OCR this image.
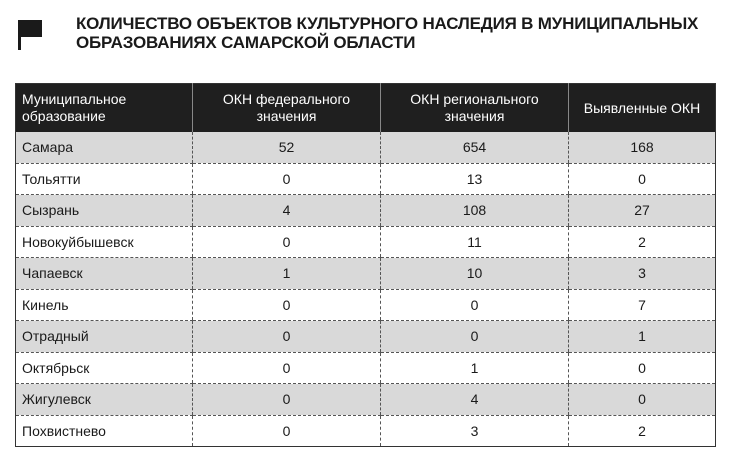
КОЛИЧЕСТВО ОБЪЕКТОВ КУЛЬТУРНОГО НАСЛЕДИЯ В МУНИЦИПАЛЬНЫХ ОБРАЗОВАНИЯХ САМАРСКОЙ ОБЛАСТИ
Муниципальное образование	ОКН федерального значения	ОКН регионального значения	Выявленные ОКН
Самара	52	654	168
Тольятти	0	13	0
Сызрань	4	108	27
Новокуйбышевск	0	11	2
Чапаевск	1	10	3
Кинель	0	0	7
Отрадный	0	0	1
Октябрьск	0	1	0
Жигулевск	0	4	0
Похвистнево	0	3	2
